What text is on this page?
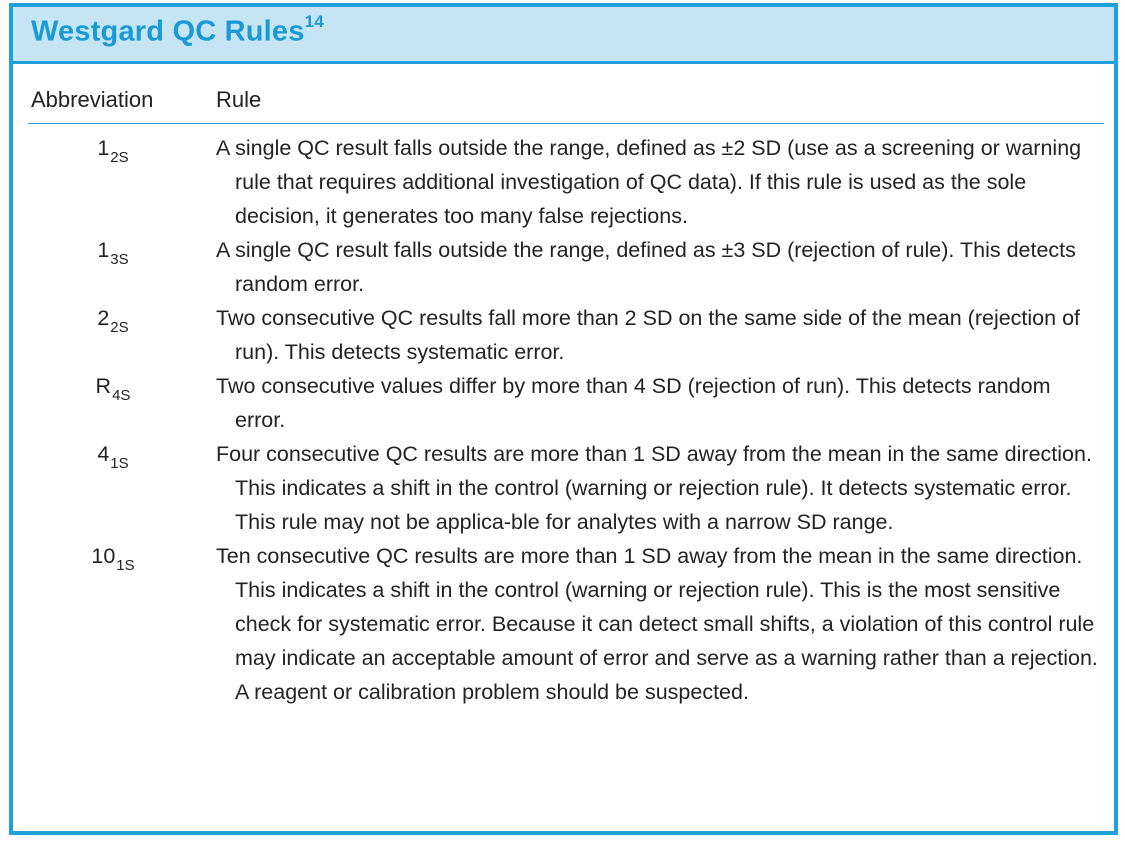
Westgard QC Rules$^{14}$
Abbreviation	Rule
$1_{2S}$	A single QC result falls outside the range, defined as ±2 SD (use as a screening or warning rule that requires additional investigation of QC data). If this rule is used as the sole decision, it generates too many false rejections.
$1_{3S}$	A single QC result falls outside the range, defined as ±3 SD (rejection of rule). This detects random error.
$2_{2S}$	Two consecutive QC results fall more than 2 SD on the same side of the mean (rejection of run). This detects systematic error.
$R_{4S}$	Two consecutive values differ by more than 4 SD (rejection of run). This detects random error.
$4_{1S}$	Four consecutive QC results are more than 1 SD away from the mean in the same direction. This indicates a shift in the control (warning or rejection rule). It detects systematic error. This rule may not be applica-ble for analytes with a narrow SD range.
$10_{1S}$	Ten consecutive QC results are more than 1 SD away from the mean in the same direction. This indicates a shift in the control (warning or rejection rule). This is the most sensitive check for systematic error. Because it can detect small shifts, a violation of this control rule may indicate an acceptable amount of error and serve as a warning rather than a rejection. A reagent or calibration problem should be suspected.
